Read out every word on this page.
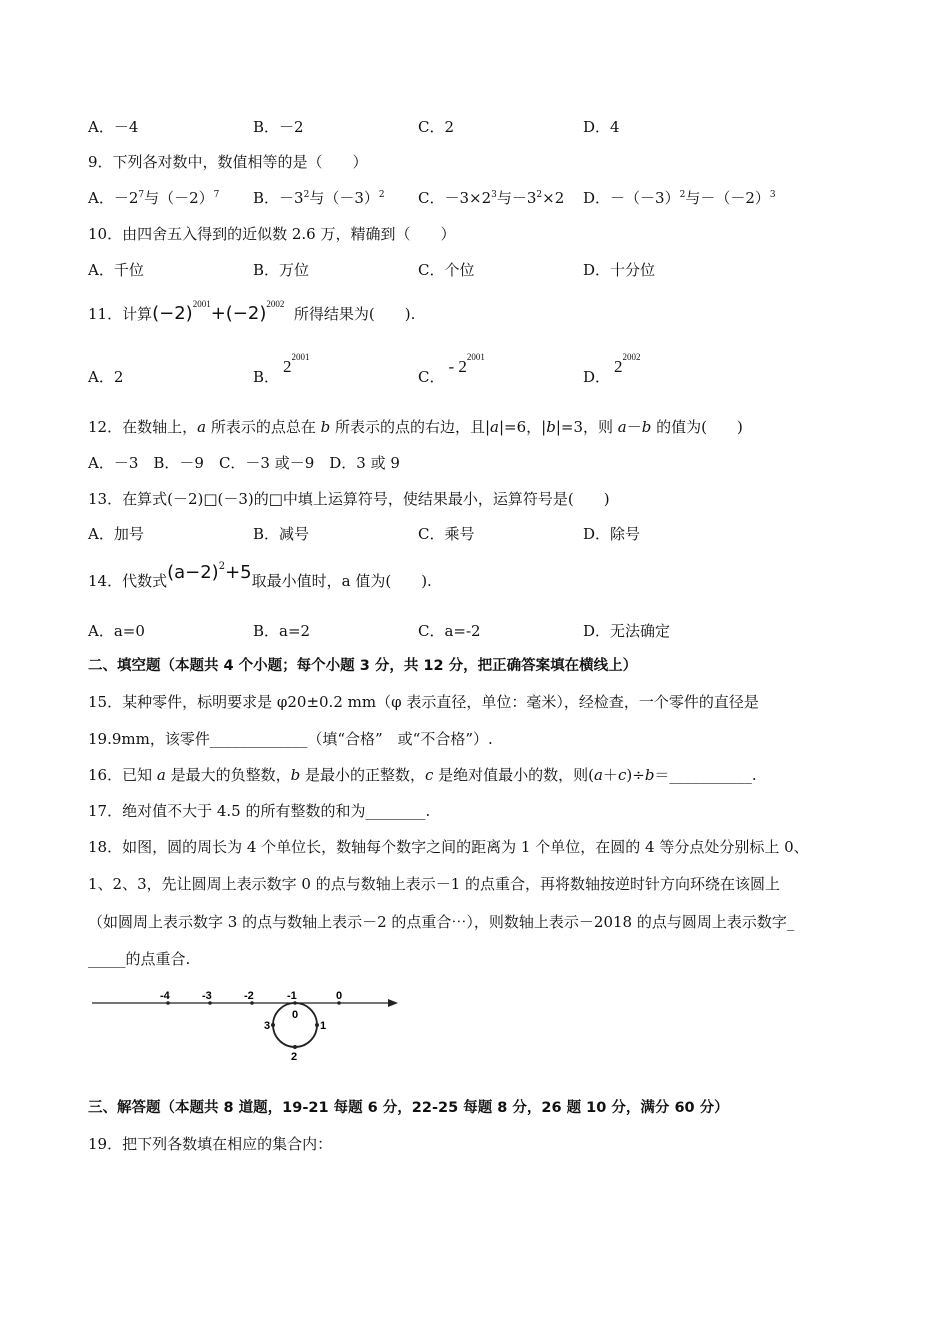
A．－4	B．－2	C．2	D．4
9．下列各对数中，数值相等的是（　　）
A．$-2^7$与$(-2)^7$ B．$-3^2$与$(-3)^2$ C．$-3\times 2^3$与$-3^2\times 2$ D．$-(-3)^2$与$-(-2)^3$
10．由四舍五入得到的近似数 2.6 万，精确到（　　）
A．千位	B．万位	C．个位	D．十分位
11．计算$(-2)^{2001}+(-2)^{2002}$  所得结果为(　　).
A．2	B．$2^{2001}$
C．- $2^{2001}$
D．$2^{2002}$
12．在数轴上，a 所表示的点总在 b 所表示的点的右边，且|a|=6，|b|=3，则 a－b 的值为(　　)
A．－3　B．－9　C．－3 或－9　D．3 或 9
13．在算式(－2)□(－3)的□中填上运算符号，使结果最小，运算符号是(　　)
A．加号	B．减号	C．乘号	D．除号
14．代数式$(a-2)^2+5$取最小值时，a 值为(　　).
A．a=0	B．a=2	C．a=-2	D．无法确定
二、填空题（本题共 4 个小题；每个小题 3 分，共 12 分，把正确答案填在横线上）
15．某种零件，标明要求是 φ20±0.2 mm（φ 表示直径，单位：毫米），经检查，一个零件的直径是
19.9mm，该零件_____________（填“合格”　或“不合格”）.
16．已知 a 是最大的负整数，b 是最小的正整数，c 是绝对值最小的数，则(a＋c)÷b＝___________.
17．绝对值不大于 4.5 的所有整数的和为________.
18．如图，圆的周长为 4 个单位长，数轴每个数字之间的距离为 1 个单位，在圆的 4 等分点处分别标上 0、
1、2、3，先让圆周上表示数字 0 的点与数轴上表示－1 的点重合，再将数轴按逆时针方向环绕在该圆上
（如圆周上表示数字 3 的点与数轴上表示－2 的点重合⋯），则数轴上表示－2018 的点与圆周上表示数字_
_____的点重合.
-4	-3	-2	-1	0
0
1
2
3
三、解答题（本题共 8 道题，19-21 每题 6 分，22-25 每题 8 分，26 题 10 分，满分 60 分）
19．把下列各数填在相应的集合内：
